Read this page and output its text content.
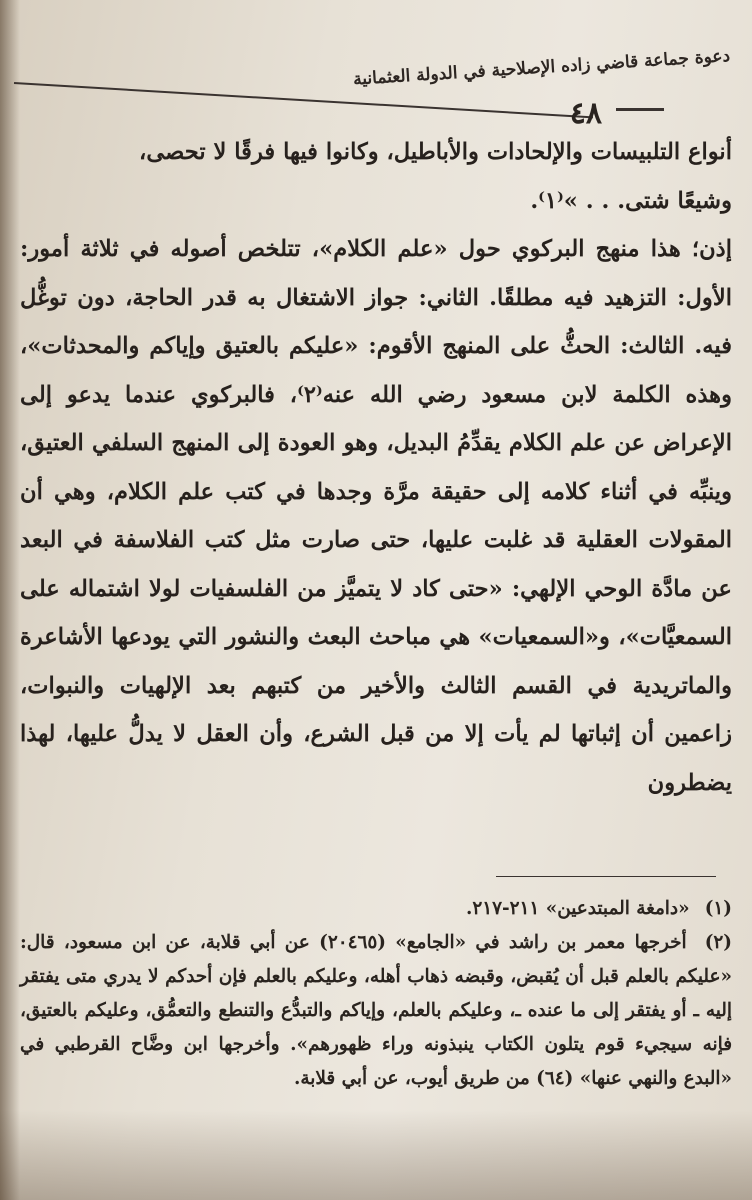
دعوة جماعة قاضي زاده الإصلاحية في الدولة العثمانية
٤٨

أنواع التلبيسات والإلحادات والأباطيل، وكانوا فيها فرقًا لا تحصى،

وشيعًا شتى. . . »⁽١⁾.

إذن؛ هذا منهج البركوي حول «علم الكلام»، تتلخص أصوله في ثلاثة أمور: الأول: التزهيد فيه مطلقًا. الثاني: جواز الاشتغال به قدر الحاجة، دون توغُّل فيه. الثالث: الحثُّ على المنهج الأقوم: «عليكم بالعتيق وإياكم والمحدثات»، وهذه الكلمة لابن مسعود رضي الله عنه⁽٢⁾، فالبركوي عندما يدعو إلى الإعراض عن علم الكلام يقدِّمُ البديل، وهو العودة إلى المنهج السلفي العتيق، وينبِّه في أثناء كلامه إلى حقيقة مرَّة وجدها في كتب علم الكلام، وهي أن المقولات العقلية قد غلبت عليها، حتى صارت مثل كتب الفلاسفة في البعد عن مادَّة الوحي الإلهي: «حتى كاد لا يتميَّز من الفلسفيات لولا اشتماله على السمعيَّات»، و«السمعيات» هي مباحث البعث والنشور التي يودعها الأشاعرة والماتريدية في القسم الثالث والأخير من كتبهم بعد الإلهيات والنبوات، زاعمين أن إثباتها لم يأت إلا من قبل الشرع، وأن العقل لا يدلُّ عليها، لهذا يضطرون

(١) «دامغة المبتدعين» ٢١١-٢١٧.

(٢) أخرجها معمر بن راشد في «الجامع» (٢٠٤٦٥) عن أبي قلابة، عن ابن مسعود، قال: «عليكم بالعلم قبل أن يُقبض، وقبضه ذهاب أهله، وعليكم بالعلم فإن أحدكم لا يدري متى يفتقر إليه ـ أو يفتقر إلى ما عنده ـ، وعليكم بالعلم، وإياكم والتبدُّع والتنطع والتعمُّق، وعليكم بالعتيق، فإنه سيجيء قوم يتلون الكتاب ينبذونه وراء ظهورهم». وأخرجها ابن وضَّاح القرطبي في «البدع والنهي عنها» (٦٤) من طريق أيوب، عن أبي قلابة.
